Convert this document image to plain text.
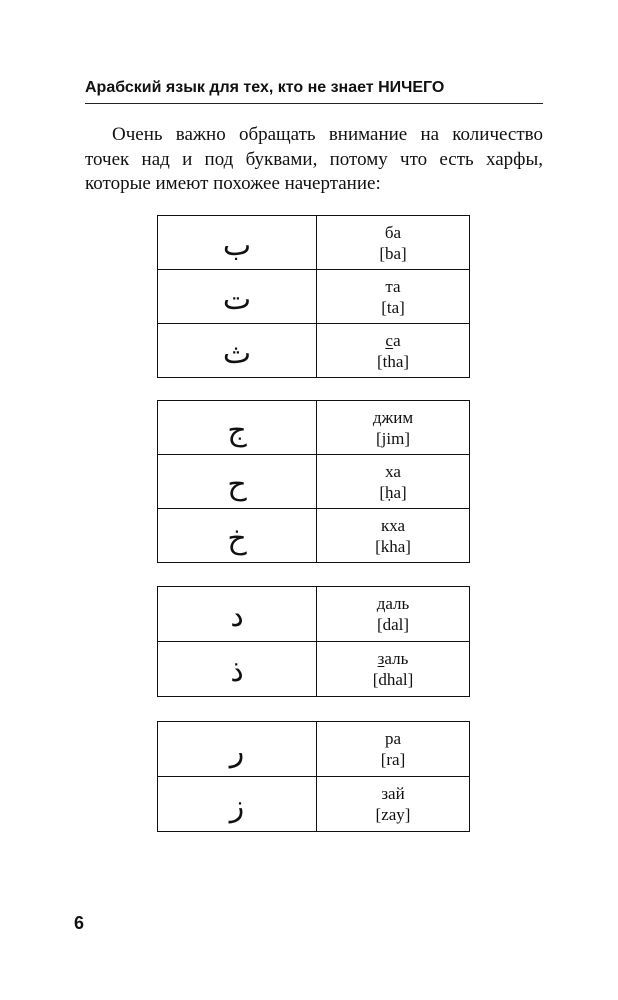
Арабский язык для тех, кто не знает НИЧЕГО
Очень важно обращать внимание на количество
точек над и под буквами, потому что есть харфы,
которые имеют похожее начертание:
ب	ба
[ba]

ت	та
[ta]

ث	са
[tha]
ج	джим
[jim]

ح	ха
[ḥa]

خ	кха
[kha]
د	даль
[dal]

ذ	заль
[dhal]
ر	ра
[ra]

ز	зай
[zay]
6
